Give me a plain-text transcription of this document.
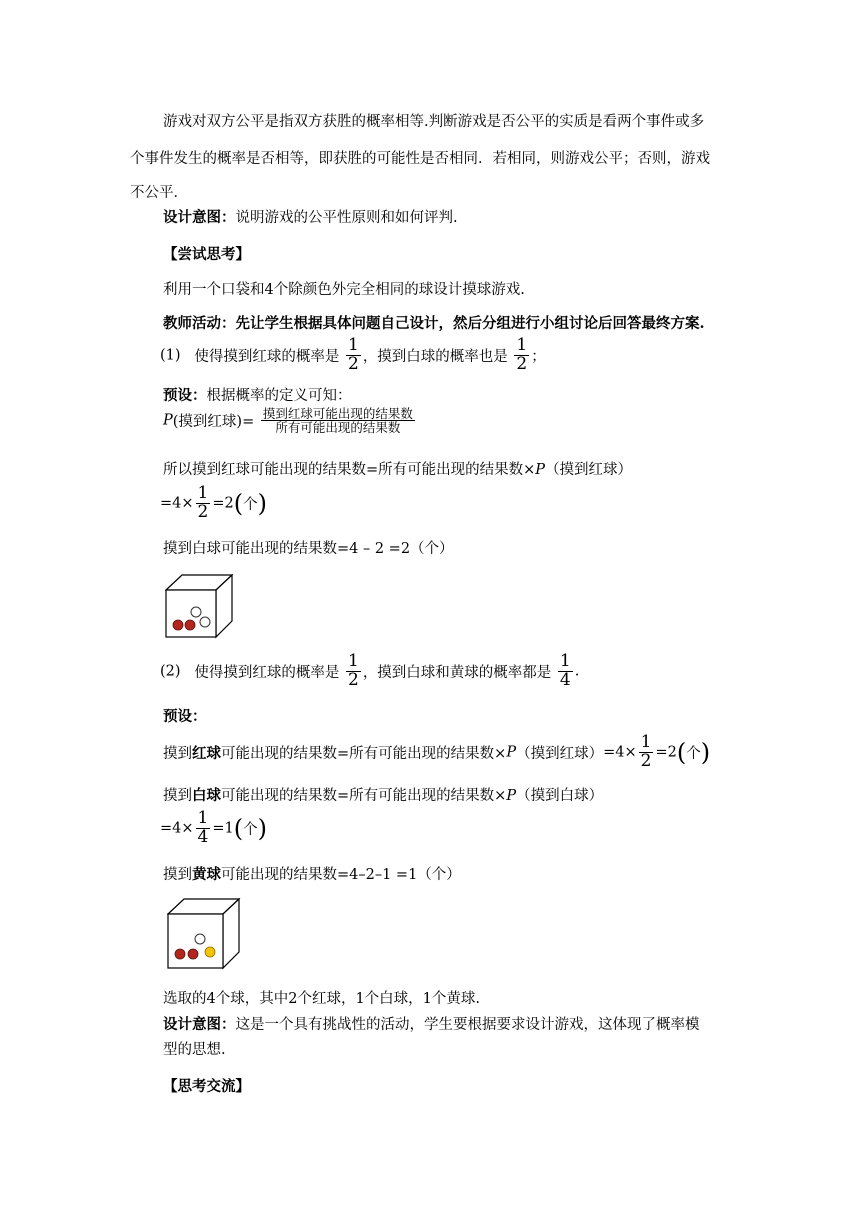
游戏对双方公平是指双方获胜的概率相等.判断游戏是否公平的实质是看两个事件或多
个事件发生的概率是否相等，即获胜的可能性是否相同．若相同，则游戏公平；否则，游戏
不公平．
设计意图：说明游戏的公平性原则和如何评判.
【尝试思考】
利用一个口袋和4个除颜色外完全相同的球设计摸球游戏.
教师活动：先让学生根据具体问题自己设计，然后分组进行小组讨论后回答最终方案.
(1) 使得摸到红球的概率是 $\frac{1}{2}$ ，摸到白球的概率也是 $\frac{1}{2}$ ；
预设：根据概率的定义可知：
P(摸到红球)= $\frac{\text{摸到红球可能出现的结果数}}{\text{所有可能出现的结果数}}$
所以摸到红球可能出现的结果数=所有可能出现的结果数×P（摸到红球）
$=4\times \frac{1}{2} =2$(个)
摸到白球可能出现的结果数=4 – 2 =2（个）
(2) 使得摸到红球的概率是 $\frac{1}{2}$ ，摸到白球和黄球的概率都是 $\frac{1}{4}$ .
预设：
摸到红球可能出现的结果数=所有可能出现的结果数×P（摸到红球）$=4\times \frac{1}{2} =2$(个)
摸到白球可能出现的结果数=所有可能出现的结果数×P（摸到白球）
$=4\times \frac{1}{4} =1$(个)
摸到黄球可能出现的结果数=4–2–1 =1（个）
选取的4个球，其中2个红球，1个白球，1个黄球.
设计意图：这是一个具有挑战性的活动，学生要根据要求设计游戏，这体现了概率模
型的思想.
【思考交流】
